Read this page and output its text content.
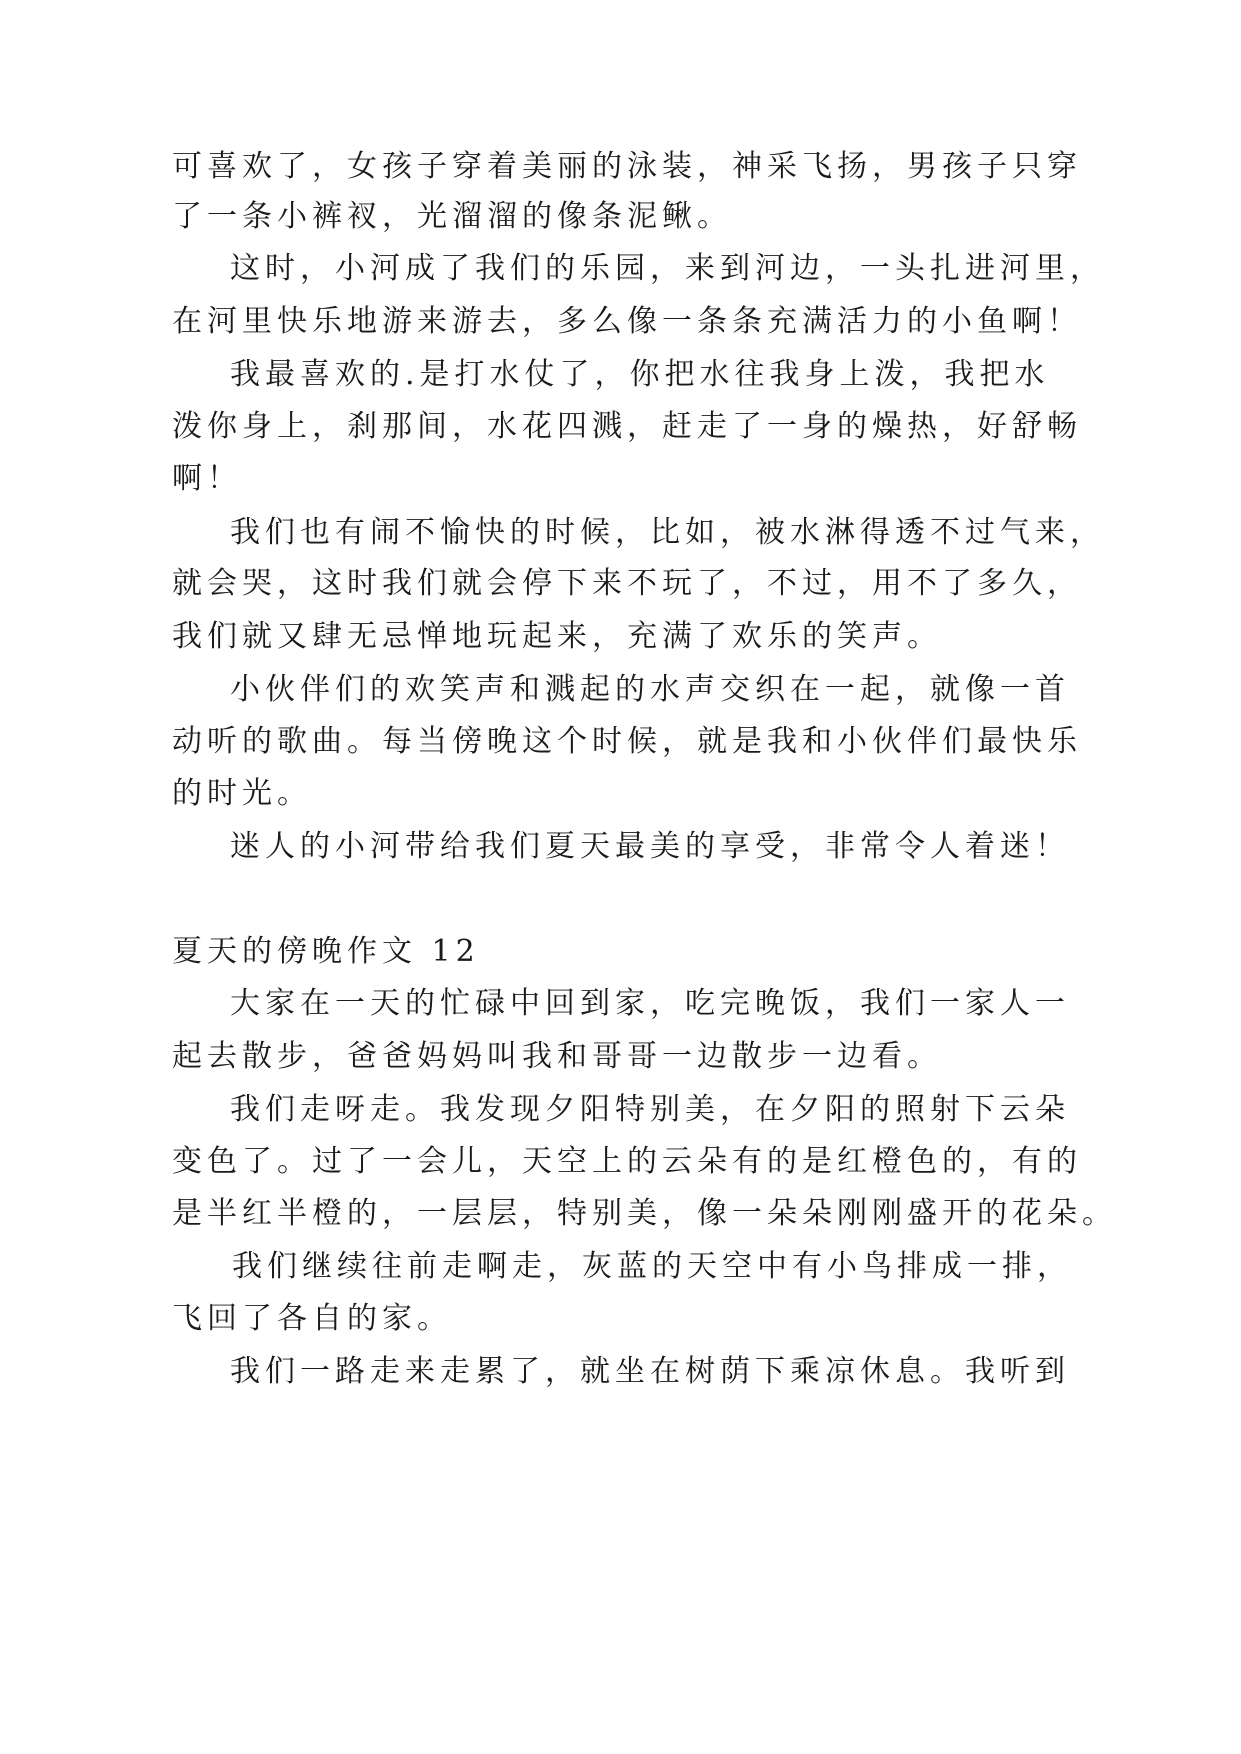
可喜欢了，女孩子穿着美丽的泳装，神采飞扬，男孩子只穿
了一条小裤衩，光溜溜的像条泥鳅。
这时，小河成了我们的乐园，来到河边，一头扎进河里，
在河里快乐地游来游去，多么像一条条充满活力的小鱼啊！
我最喜欢的.是打水仗了，你把水往我身上泼，我把水
泼你身上，刹那间，水花四溅，赶走了一身的燥热，好舒畅
啊！
我们也有闹不愉快的时候，比如，被水淋得透不过气来，
就会哭，这时我们就会停下来不玩了，不过，用不了多久，
我们就又肆无忌惮地玩起来，充满了欢乐的笑声。
小伙伴们的欢笑声和溅起的水声交织在一起，就像一首
动听的歌曲。每当傍晚这个时候，就是我和小伙伴们最快乐
的时光。
迷人的小河带给我们夏天最美的享受，非常令人着迷！
夏天的傍晚作文 12
大家在一天的忙碌中回到家，吃完晚饭，我们一家人一
起去散步，爸爸妈妈叫我和哥哥一边散步一边看。
我们走呀走。我发现夕阳特别美，在夕阳的照射下云朵
变色了。过了一会儿，天空上的云朵有的是红橙色的，有的
是半红半橙的，一层层，特别美，像一朵朵刚刚盛开的花朵。
我们继续往前走啊走，灰蓝的天空中有小鸟排成一排，
飞回了各自的家。
我们一路走来走累了，就坐在树荫下乘凉休息。我听到
